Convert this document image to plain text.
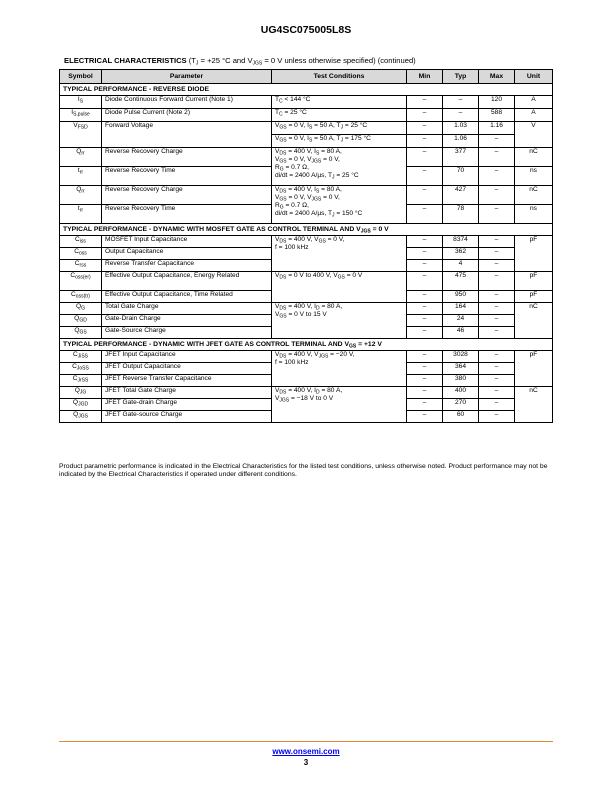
UG4SC075005L8S
ELECTRICAL CHARACTERISTICS ($T_J = +25$ °C and $V_{JGS} = 0$ V unless otherwise specified) (continued)
Symbol	Parameter	Test Conditions	Min	Typ	Max	Unit
TYPICAL PERFORMANCE - REVERSE DIODE						
$I_S$	Diode Continuous Forward Current (Note 1)	$T_C < 144$ °C	–	–	120	A
$I_{S,pulse}$	Diode Pulse Current (Note 2)	$T_C = 25$ °C	–	–	588	A
$V_{FSD}$	Forward Voltage	$V_{GS} = 0$ V, $I_S = 50$ A, $T_J = 25$ °C	–	1.03	1.16	V
		$V_{GS} = 0$ V, $I_S = 50$ A, $T_J = 175$ °C	–	1.06	–	
$Q_{rr}$	Reverse Recovery Charge	$V_{DS} = 400$ V, $I_S = 80$ A,
$V_{GS} = 0$ V, $V_{JGS} = 0$ V,
$R_G = 0.7$ Ω,
di/dt = 2400 A/µs, $T_J = 25$ °C	–	377	–	nC
$t_{rr}$	Reverse Recovery Time		–	70	–	ns
$Q_{rr}$	Reverse Recovery Charge	$V_{DS} = 400$ V, $I_S = 80$ A,
$V_{GS} = 0$ V, $V_{JGS} = 0$ V,
$R_G = 0.7$ Ω,
di/dt = 2400 A/µs, $T_J = 150$ °C	–	427	–	nC
$t_{rr}$	Reverse Recovery Time		–	78	–	ns
TYPICAL PERFORMANCE - DYNAMIC WITH MOSFET GATE AS CONTROL TERMINAL AND $V_{JGS} = 0$ V						
$C_{iss}$	MOSFET Input Capacitance	$V_{DS} = 400$ V, $V_{GS} = 0$ V,
f = 100 kHz	–	8374	–	pF
$C_{oss}$	Output Capacitance		–	362	–	
$C_{rss}$	Reverse Transfer Capacitance		–	4	–	
$C_{oss(er)}$	Effective Output Capacitance, Energy Related	$V_{DS} = 0$ V to 400 V, $V_{GS} = 0$ V	–	475	–	pF
$C_{oss(tr)}$	Effective Output Capacitance, Time Related		–	950	–	pF
$Q_G$	Total Gate Charge	$V_{DS} = 400$ V, $I_D = 80$ A,
$V_{GS} = 0$ V to 15 V	–	164	–	nC
$Q_{GD}$	Gate-Drain Charge		–	24	–	
$Q_{GS}$	Gate-Source Charge		–	46	–	
TYPICAL PERFORMANCE - DYNAMIC WITH JFET GATE AS CONTROL TERMINAL AND $V_{GS} = +12$ V						
$C_{JiSS}$	JFET Input Capacitance	$V_{DS} = 400$ V, $V_{JGS} = -20$ V,
f = 100 kHz	–	3028	–	pF
$C_{JoSS}$	JFET Output Capacitance		–	364	–	
$C_{JrSS}$	JFET Reverse Transfer Capacitance		–	380	–	
$Q_{JG}$	JFET Total Gate Charge	$V_{DS} = 400$ V, $I_D = 80$ A,
$V_{JGS} = -18$ V to 0 V	–	400	–	nC
$Q_{JGD}$	JFET Gate-drain Charge		–	270	–	
$Q_{JGS}$	JFET Gate-source Charge		–	60	–	
Product parametric performance is indicated in the Electrical Characteristics for the listed test conditions, unless otherwise noted. Product performance may not be indicated by the Electrical Characteristics if operated under different conditions.
www.onsemi.com
3
